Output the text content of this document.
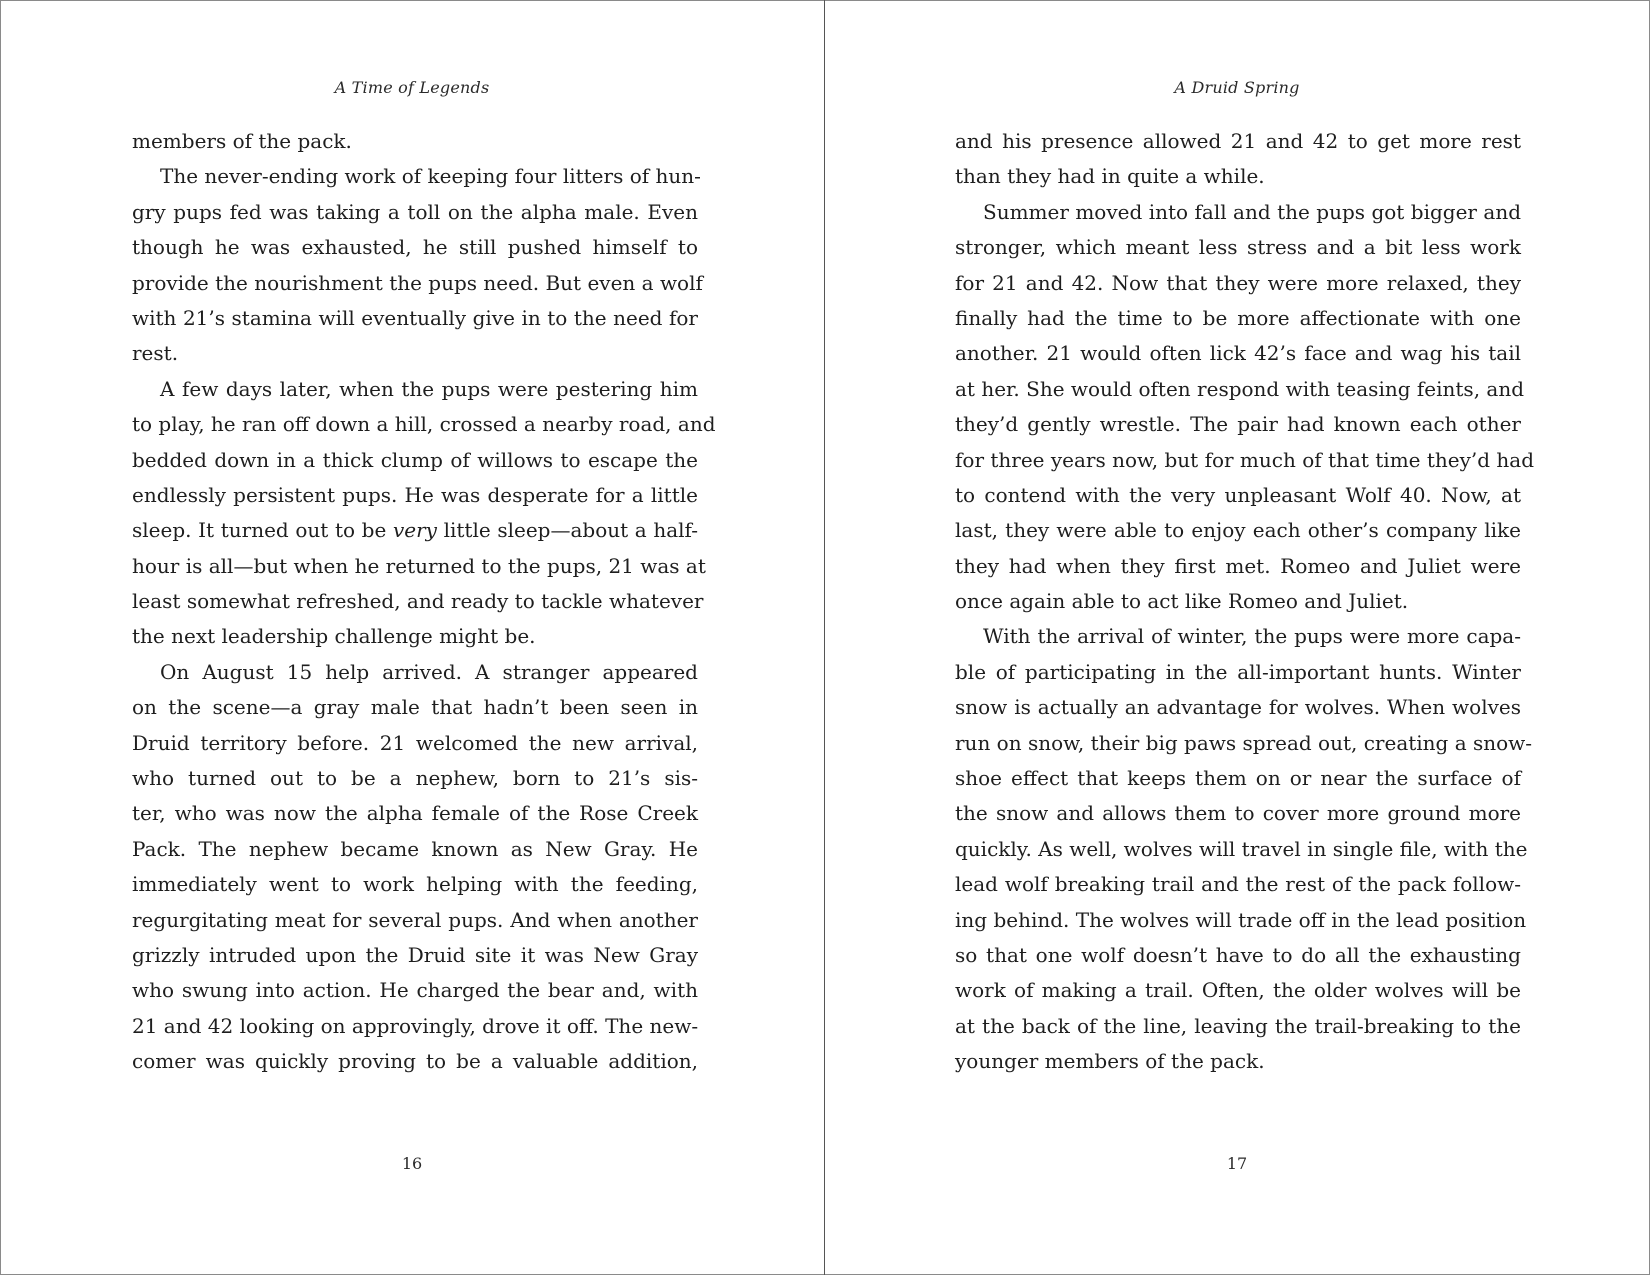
A Time of Legends
members of the pack.
The never-ending work of keeping four litters of hun-
gry pups fed was taking a toll on the alpha male. Even
though he was exhausted, he still pushed himself to
provide the nourishment the pups need. But even a wolf
with 21’s stamina will eventually give in to the need for
rest.
A few days later, when the pups were pestering him
to play, he ran off down a hill, crossed a nearby road, and
bedded down in a thick clump of willows to escape the
endlessly persistent pups. He was desperate for a little
sleep. It turned out to be very little sleep—about a half-
hour is all—but when he returned to the pups, 21 was at
least somewhat refreshed, and ready to tackle whatever
the next leadership challenge might be.
On August 15 help arrived. A stranger appeared
on the scene—a gray male that hadn’t been seen in
Druid territory before. 21 welcomed the new arrival,
who turned out to be a nephew, born to 21’s sis-
ter, who was now the alpha female of the Rose Creek
Pack. The nephew became known as New Gray. He
immediately went to work helping with the feeding,
regurgitating meat for several pups. And when another
grizzly intruded upon the Druid site it was New Gray
who swung into action. He charged the bear and, with
21 and 42 looking on approvingly, drove it off. The new-
comer was quickly proving to be a valuable addition,
16
A Druid Spring
and his presence allowed 21 and 42 to get more rest
than they had in quite a while.
Summer moved into fall and the pups got bigger and
stronger, which meant less stress and a bit less work
for 21 and 42. Now that they were more relaxed, they
finally had the time to be more affectionate with one
another. 21 would often lick 42’s face and wag his tail
at her. She would often respond with teasing feints, and
they’d gently wrestle. The pair had known each other
for three years now, but for much of that time they’d had
to contend with the very unpleasant Wolf 40. Now, at
last, they were able to enjoy each other’s company like
they had when they first met. Romeo and Juliet were
once again able to act like Romeo and Juliet.
With the arrival of winter, the pups were more capa-
ble of participating in the all-important hunts. Winter
snow is actually an advantage for wolves. When wolves
run on snow, their big paws spread out, creating a snow-
shoe effect that keeps them on or near the surface of
the snow and allows them to cover more ground more
quickly. As well, wolves will travel in single file, with the
lead wolf breaking trail and the rest of the pack follow-
ing behind. The wolves will trade off in the lead position
so that one wolf doesn’t have to do all the exhausting
work of making a trail. Often, the older wolves will be
at the back of the line, leaving the trail-breaking to the
younger members of the pack.
17
